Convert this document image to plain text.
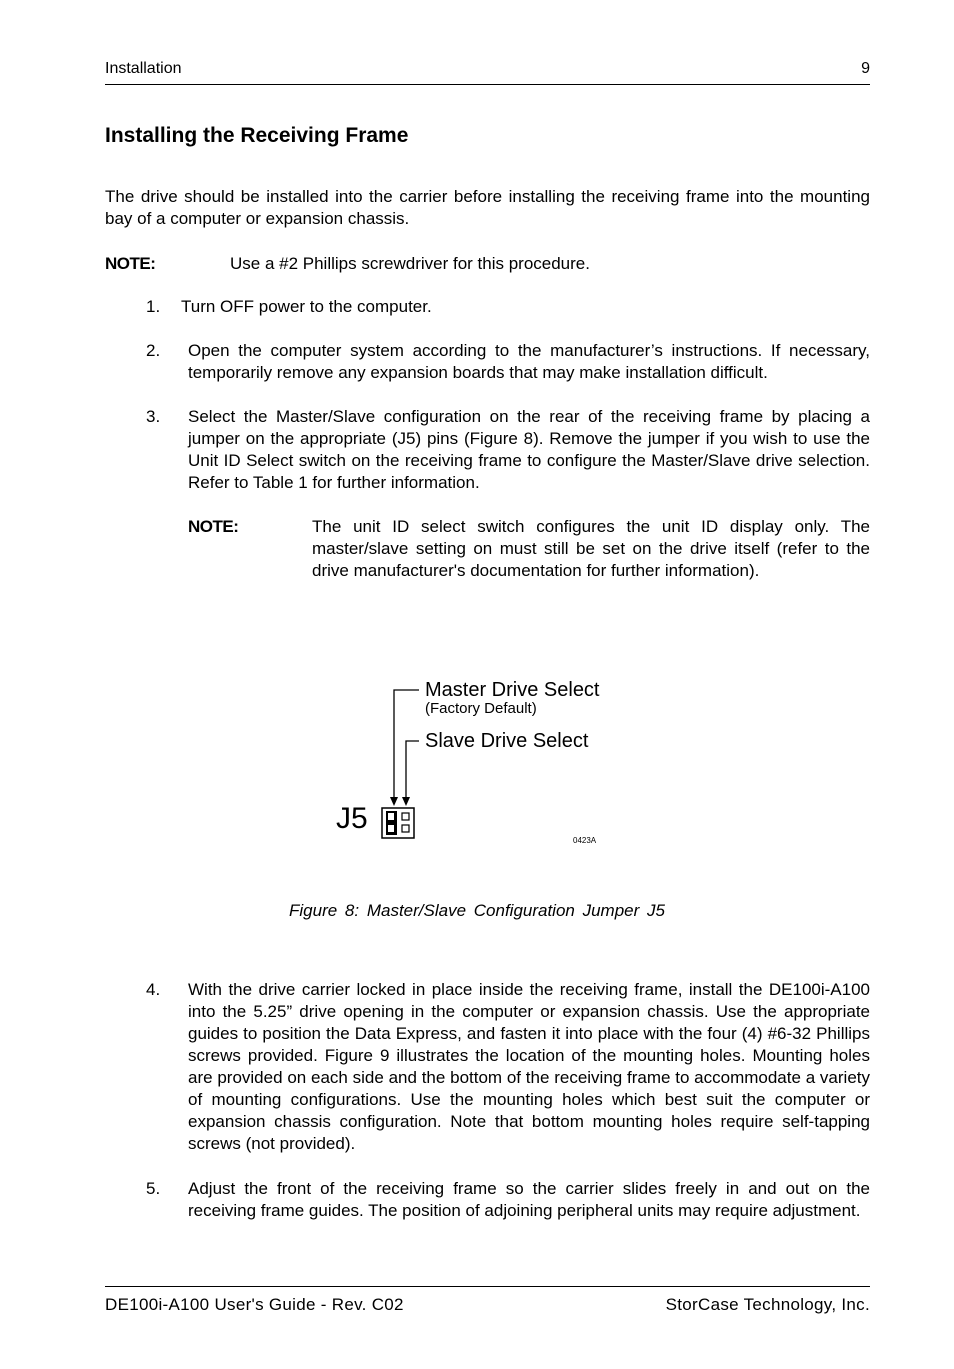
Installation	9
Installing the Receiving Frame
The drive should be installed into the carrier before installing the receiving frame into the mounting bay of a computer or expansion chassis.
NOTE:	Use a #2 Phillips screwdriver for this procedure.
1. Turn OFF power to the computer.
2. Open the computer system according to the manufacturer’s instructions. If necessary, temporarily remove any expansion boards that may make installation difficult.
3. Select the Master/Slave configuration on the rear of the receiving frame by placing a jumper on the appropriate (J5) pins (Figure 8). Remove the jumper if you wish to use the Unit ID Select switch on the receiving frame to configure the Master/Slave drive selection. Refer to Table 1 for further information.
NOTE:	The unit ID select switch configures the unit ID display only. The master/slave setting on must still be set on the drive itself (refer to the drive manufacturer's documentation for further information).
Master Drive Select
(Factory Default)
Slave Drive Select
J5
0423A
Figure 8: Master/Slave Configuration Jumper J5
4. With the drive carrier locked in place inside the receiving frame, install the DE100i-A100 into the 5.25” drive opening in the computer or expansion chassis. Use the appropriate guides to position the Data Express, and fasten it into place with the four (4) #6-32 Phillips screws provided. Figure 9 illustrates the location of the mounting holes. Mounting holes are provided on each side and the bottom of the receiving frame to accommodate a variety of mounting configurations. Use the mounting holes which best suit the computer or expansion chassis configuration. Note that bottom mounting holes require self-tapping screws (not provided).
5. Adjust the front of the receiving frame so the carrier slides freely in and out on the receiving frame guides. The position of adjoining peripheral units may require adjustment.
DE100i-A100 User's Guide - Rev. C02	StorCase Technology, Inc.
